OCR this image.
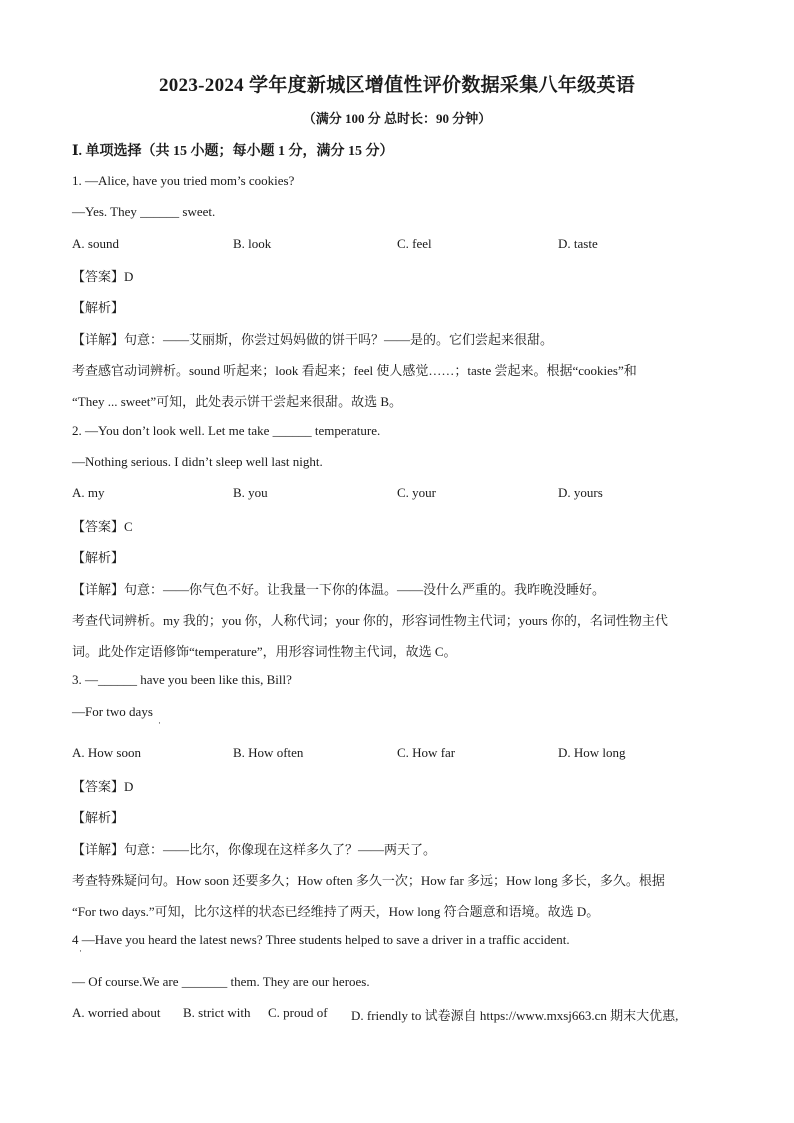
2023-2024 学年度新城区增值性评价数据采集八年级英语
（满分 100 分 总时长：90 分钟）
Ⅰ. 单项选择（共 15 小题；每小题 1 分，满分 15 分）
1. —Alice, have you tried mom’s cookies?
—Yes. They ______ sweet.
A. sound	B. look	C. feel	D. taste
【答案】D
【解析】
【详解】句意：——艾丽斯，你尝过妈妈做的饼干吗？——是的。它们尝起来很甜。
考查感官动词辨析。sound 听起来；look 看起来；feel 使人感觉……；taste 尝起来。根据“cookies”和
“They ... sweet”可知，此处表示饼干尝起来很甜。故选 B。
2. —You don’t look well. Let me take ______ temperature.
—Nothing serious. I didn’t sleep well last night.
A. my	B. you	C. your	D. yours
【答案】C
【解析】
【详解】句意：——你气色不好。让我量一下你的体温。——没什么严重的。我昨晚没睡好。
考查代词辨析。my 我的；you 你，人称代词；your 你的，形容词性物主代词；yours 你的，名词性物主代
词。此处作定语修饰“temperature”，用形容词性物主代词，故选 C。
3. —______ have you been like this, Bill?
—For two days
·
A. How soon	B. How often	C. How far	D. How long
【答案】D
【解析】
【详解】句意：——比尔，你像现在这样多久了？——两天了。
考查特殊疑问句。How soon 还要多久；How often 多久一次；How far 多远；How long 多长，多久。根据
“For two days.”可知，比尔这样的状态已经维持了两天，How long 符合题意和语境。故选 D。
4 —Have you heard the latest news? Three students helped to save a driver in a traffic accident.
·
— Of course.We are _______ them. They are our heroes.
A. worried about B. strict with C. proud of D. friendly to 试卷源自 https://www.mxsj663.cn 期末大优惠,
